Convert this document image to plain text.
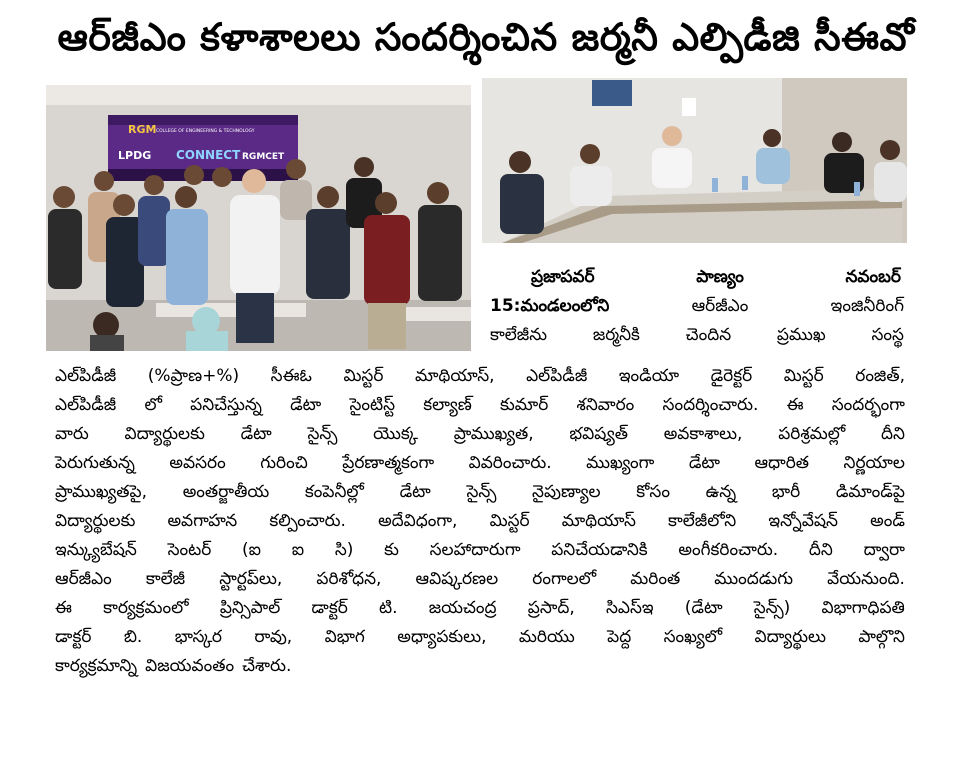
ఆర్‌జీఎం కళాశాలలు సందర్శించిన జర్మనీ ఎల్పిడీజి సీఈవో
RGM COLLEGE OF ENGINEERING & TECHNOLOGY
LPDG CONNECT RGMCET
ప్రజాపవర్	పాణ్యం	నవంబర్

15:మండలంలోని	ఆర్‌జీఎం	ఇంజినీరింగ్

కాలేజీను	జర్మనీకి	చెందిన	ప్రముఖ	సంస్థ

ఎల్‌పిడీజీ (%ప్రాణ+%) సీఈఓ మిస్టర్ మాథియాస్, ఎల్‌పిడీజీ ఇండియా డైరెక్టర్ మిస్టర్ రంజిత్,

ఎల్‌పిడీజీ లో పనిచేస్తున్న డేటా సైంటిస్ట్ కల్యాణ్ కుమార్ శనివారం సందర్శించారు. ఈ సందర్భంగా

వారు విద్యార్థులకు డేటా సైన్స్ యొక్క ప్రాముఖ్యత, భవిష్యత్ అవకాశాలు, పరిశ్రమల్లో దీని

పెరుగుతున్న అవసరం గురించి ప్రేరణాత్మకంగా వివరించారు. ముఖ్యంగా డేటా ఆధారిత నిర్ణయాల

ప్రాముఖ్యతపై, అంతర్జాతీయ కంపెనీల్లో డేటా సైన్స్ నైపుణ్యాల కోసం ఉన్న భారీ డిమాండ్‌పై

విద్యార్థులకు అవగాహన కల్పించారు. అదేవిధంగా, మిస్టర్ మాథియాస్ కాలేజీలోని ఇన్నోవేషన్ అండ్

ఇన్క్యుబేషన్ సెంటర్ (ఐ ఐ సి) కు సలహాదారుగా పనిచేయడానికి అంగీకరించారు. దీని ద్వారా

ఆర్‌జీఎం కాలేజీ స్టార్టప్‌లు, పరిశోధన, ఆవిష్కరణల రంగాలలో మరింత ముందడుగు వేయనుంది.

ఈ కార్యక్రమంలో ప్రిన్సిపాల్ డాక్టర్ టి. జయచంద్ర ప్రసాద్, సిఎస్ఇ (డేటా సైన్స్) విభాగాధిపతి

డాక్టర్ బి. భాస్కర రావు, విభాగ అధ్యాపకులు, మరియు పెద్ద సంఖ్యలో విద్యార్థులు పాల్గొని

కార్యక్రమాన్ని విజయవంతం చేశారు.
